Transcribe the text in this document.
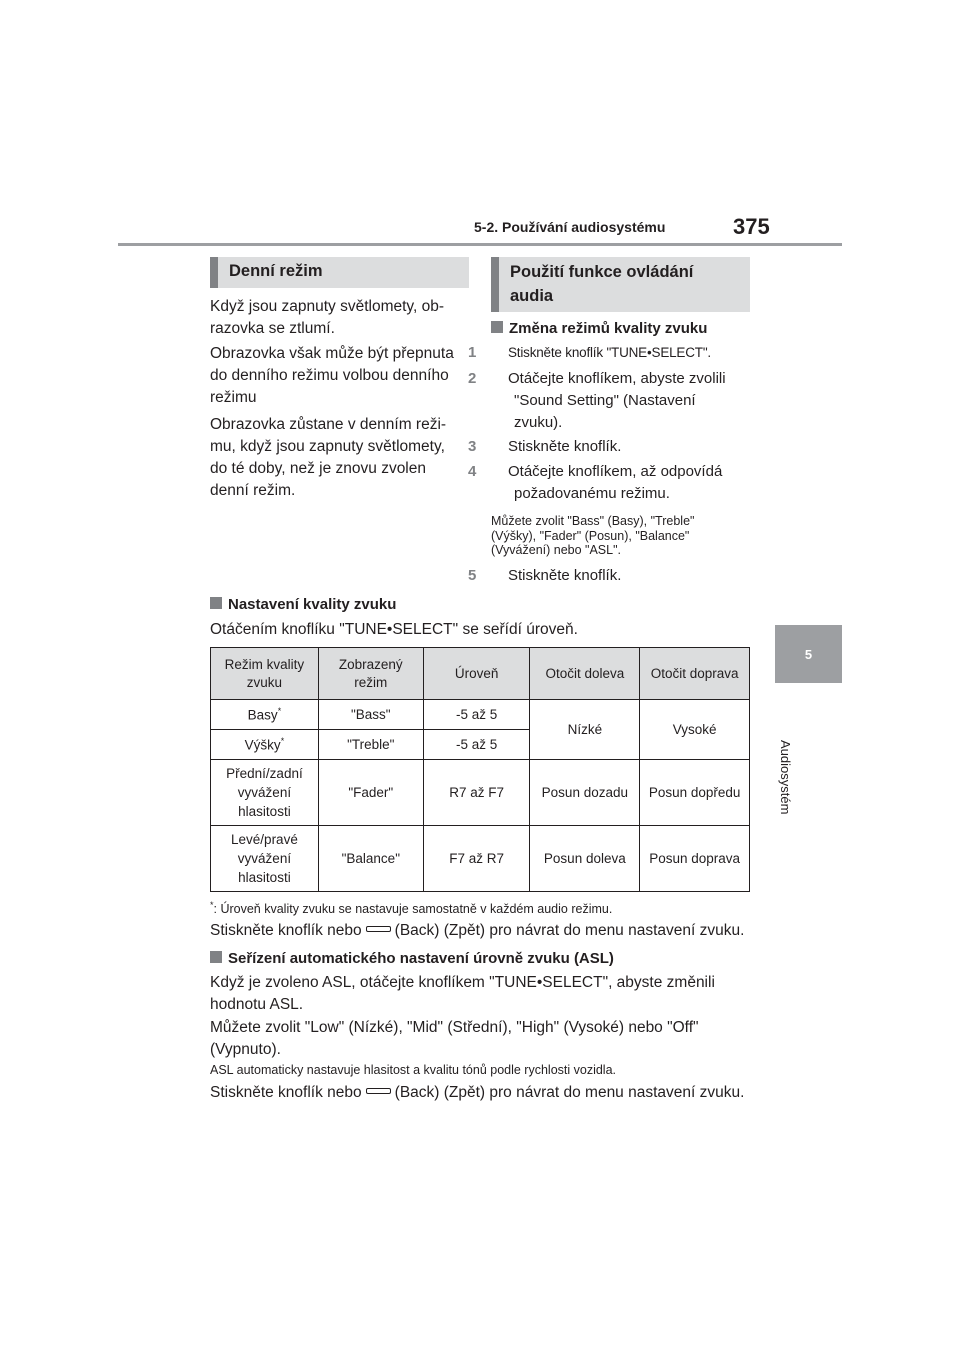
5-2. Používání audiosystému	375
5
Audiosystém
Denní režim
Když jsou zapnuty světlomety, ob-
razovka se ztlumí.
Obrazovka však může být přepnuta
do denního režimu volbou denního
režimu
Obrazovka zůstane v denním reži-
mu, když jsou zapnuty světlomety,
do té doby, než je znovu zvolen
denní režim.
Použití funkce ovládání
audia
Změna režimů kvality zvuku
1 Stiskněte knoflík "TUNE•SELECT".
2 Otáčejte knoflíkem, abyste zvolili
"Sound Setting" (Nastavení
zvuku).
3 Stiskněte knoflík.
4 Otáčejte knoflíkem, až odpovídá
požadovanému režimu.
Můžete zvolit "Bass" (Basy), "Treble"
(Výšky), "Fader" (Posun), "Balance"
(Vyvážení) nebo "ASL".
5 Stiskněte knoflík.
Nastavení kvality zvuku
Otáčením knoflíku "TUNE•SELECT" se seřídí úroveň.
Režim kvality
zvuku	Zobrazený
režim	Úroveň	Otočit doleva	Otočit doprava
Basy*	"Bass"	-5 až 5	Nízké	Vysoké
Výšky*	"Treble"	-5 až 5		
Přední/zadní
vyvážení
hlasitosti	"Fader"	R7 až F7	Posun dozadu	Posun dopředu
Levé/pravé
vyvážení
hlasitosti	"Balance"	F7 až R7	Posun doleva	Posun doprava
*: Úroveň kvality zvuku se nastavuje samostatně v každém audio režimu.
Stiskněte knoflík nebo (Back) (Zpět) pro návrat do menu nastavení zvuku.
Seřízení automatického nastavení úrovně zvuku (ASL)
Když je zvoleno ASL, otáčejte knoflíkem "TUNE•SELECT", abyste změnili
hodnotu ASL.
Můžete zvolit "Low" (Nízké), "Mid" (Střední), "High" (Vysoké) nebo "Off"
(Vypnuto).
ASL automaticky nastavuje hlasitost a kvalitu tónů podle rychlosti vozidla.
Stiskněte knoflík nebo (Back) (Zpět) pro návrat do menu nastavení zvuku.
